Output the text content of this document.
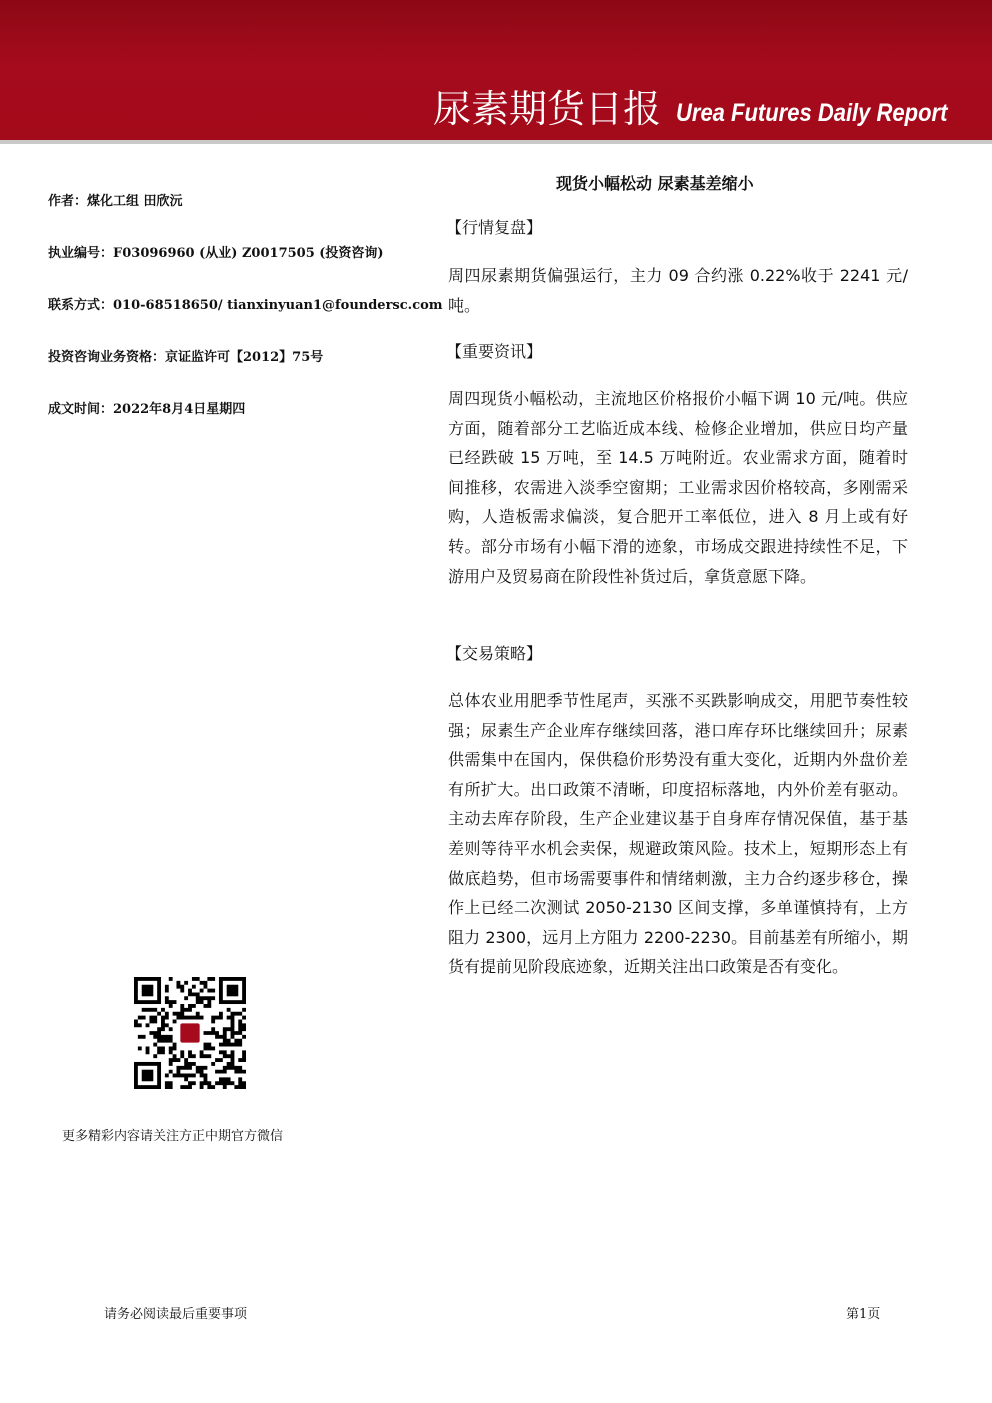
尿素期货日报 Urea Futures Daily Report
作者：煤化工组 田欣沅
执业编号：F03096960 (从业) Z0017505 (投资咨询)
联系方式：010-68518650/ tianxinyuan1@foundersc.com
投资咨询业务资格：京证监许可【2012】75号
成文时间：2022年8月4日星期四
更多精彩内容请关注方正中期官方微信
现货小幅松动 尿素基差缩小
【行情复盘】
周四尿素期货偏强运行，主力 09 合约涨 0.22%收于 2241 元/吨。
【重要资讯】
周四现货小幅松动，主流地区价格报价小幅下调 10 元/吨。供应方面，随着部分工艺临近成本线、检修企业增加，供应日均产量已经跌破 15 万吨，至 14.5 万吨附近。农业需求方面，随着时间推移，农需进入淡季空窗期；工业需求因价格较高，多刚需采购，人造板需求偏淡，复合肥开工率低位，进入 8 月上或有好转。部分市场有小幅下滑的迹象，市场成交跟进持续性不足，下游用户及贸易商在阶段性补货过后，拿货意愿下降。
【交易策略】
总体农业用肥季节性尾声，买涨不买跌影响成交，用肥节奏性较强；尿素生产企业库存继续回落，港口库存环比继续回升；尿素供需集中在国内，保供稳价形势没有重大变化，近期内外盘价差有所扩大。出口政策不清晰，印度招标落地，内外价差有驱动。主动去库存阶段，生产企业建议基于自身库存情况保值，基于基差则等待平水机会卖保，规避政策风险。技术上，短期形态上有做底趋势，但市场需要事件和情绪刺激，主力合约逐步移仓，操作上已经二次测试 2050-2130 区间支撑，多单谨慎持有，上方阻力 2300，远月上方阻力 2200-2230。目前基差有所缩小，期货有提前见阶段底迹象，近期关注出口政策是否有变化。
请务必阅读最后重要事项	第1页
